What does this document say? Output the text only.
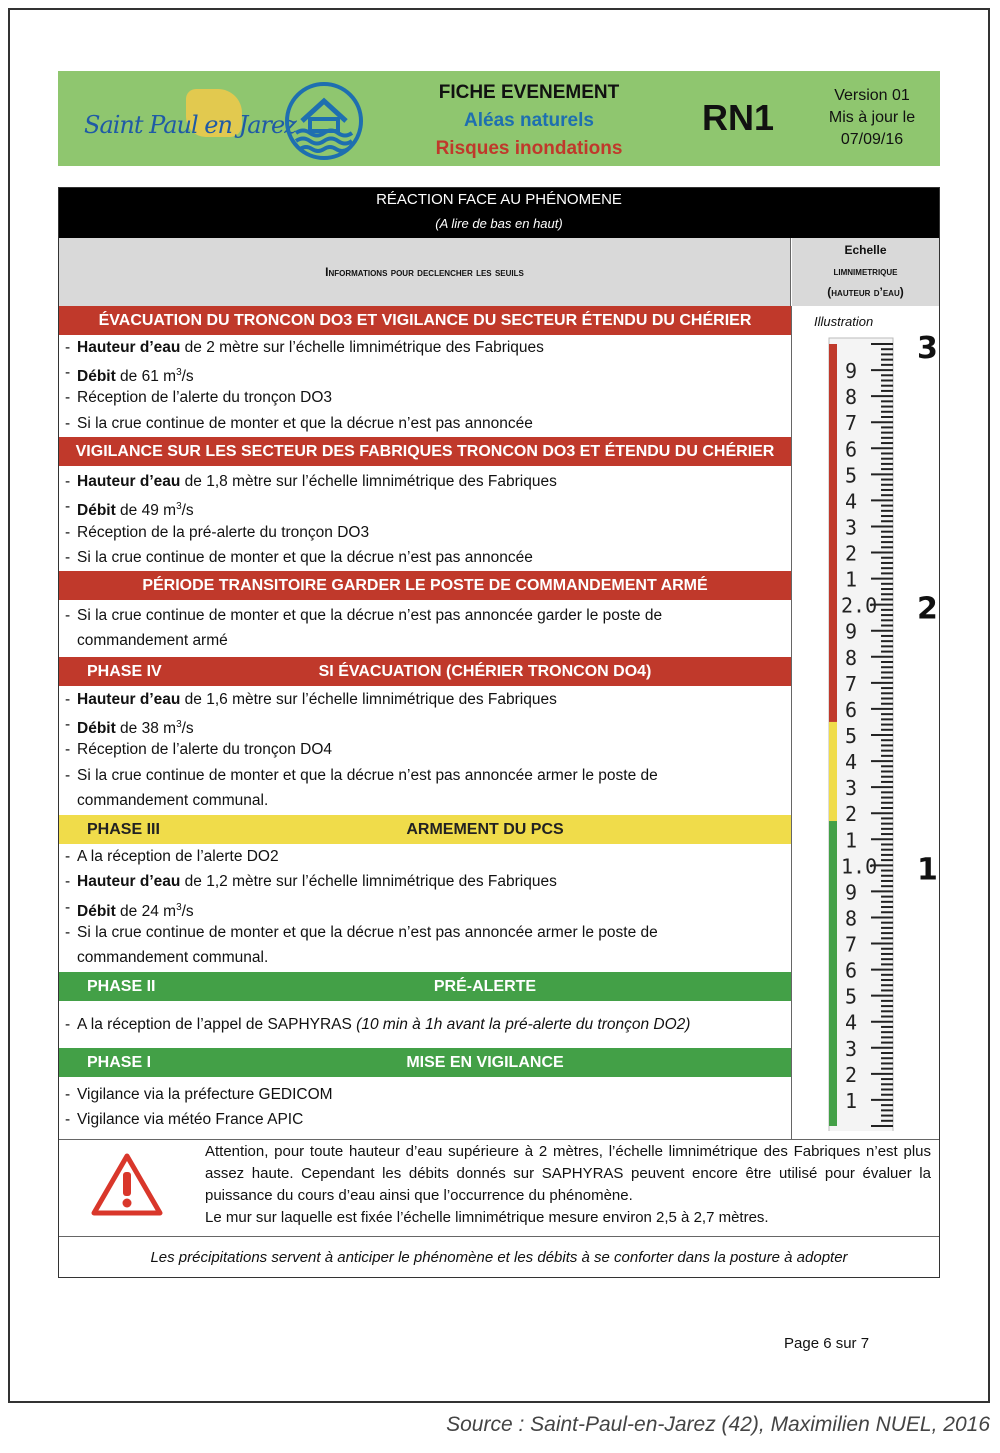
Saint Paul en Jarez
FICHE EVENEMENT
Aléas naturels
Risques inondations
RN1
Version 01
Mis à jour le
07/09/16
RÉACTION FACE AU PHÉNOMENE
(A lire de bas en haut)
Informations pour declencher les seuils
Echelle
limnimetrique
(hauteur d’eau)
ÉVACUATION DU TRONCON DO3 ET VIGILANCE DU SECTEUR ÉTENDU DU CHÉRIER
- Hauteur d’eau de 2 mètre sur l’échelle limnimétrique des Fabriques
- Débit de 61 $m^3/s$
- Réception de l’alerte du tronçon DO3
- Si la crue continue de monter et que la décrue n’est pas annoncée
VIGILANCE SUR LES SECTEUR DES FABRIQUES TRONCON DO3 ET ÉTENDU DU CHÉRIER
- Hauteur d’eau de 1,8 mètre sur l’échelle limnimétrique des Fabriques
- Débit de 49 $m^3/s$
- Réception de la pré-alerte du tronçon DO3
- Si la crue continue de monter et que la décrue n’est pas annoncée
PÉRIODE TRANSITOIRE GARDER LE POSTE DE COMMANDEMENT ARMÉ
- Si la crue continue de monter et que la décrue n’est pas annoncée garder le poste de
commandement armé
PHASE IV	SI ÉVACUATION (CHÉRIER TRONCON DO4)
- Hauteur d’eau de 1,6 mètre sur l’échelle limnimétrique des Fabriques
- Débit de 38 $m^3/s$
- Réception de l’alerte du tronçon DO4
- Si la crue continue de monter et que la décrue n’est pas annoncée armer le poste de
commandement communal.
PHASE III	ARMEMENT DU PCS
- A la réception de l’alerte DO2
- Hauteur d’eau de 1,2 mètre sur l’échelle limnimétrique des Fabriques
- Débit de 24 $m^3/s$
- Si la crue continue de monter et que la décrue n’est pas annoncée armer le poste de
commandement communal.
PHASE II	PRÉ-ALERTE
- A la réception de l’appel de SAPHYRAS (10 min à 1h avant la pré-alerte du tronçon DO2)
PHASE I	MISE EN VIGILANCE
- Vigilance via la préfecture GEDICOM
- Vigilance via météo France APIC
Illustration
1
2
3
4
5
6
7
8
9
1
2
3
4
5
6
7
8
9
1
2
3
4
5
6
7
8
9
2.0
1.0
3
2
1
Attention, pour toute hauteur d’eau supérieure à 2 mètres, l’échelle limnimétrique des Fabriques n’est plus assez haute. Cependant les débits donnés sur SAPHYRAS peuvent encore être utilisé pour évaluer la puissance du cours d’eau ainsi que l’occurrence du phénomène.
Le mur sur laquelle est fixée l’échelle limnimétrique mesure environ 2,5 à 2,7 mètres.
Les précipitations servent à anticiper le phénomène et les débits à se conforter dans la posture à adopter
Page 6 sur 7
Source : Saint-Paul-en-Jarez (42), Maximilien NUEL, 2016
